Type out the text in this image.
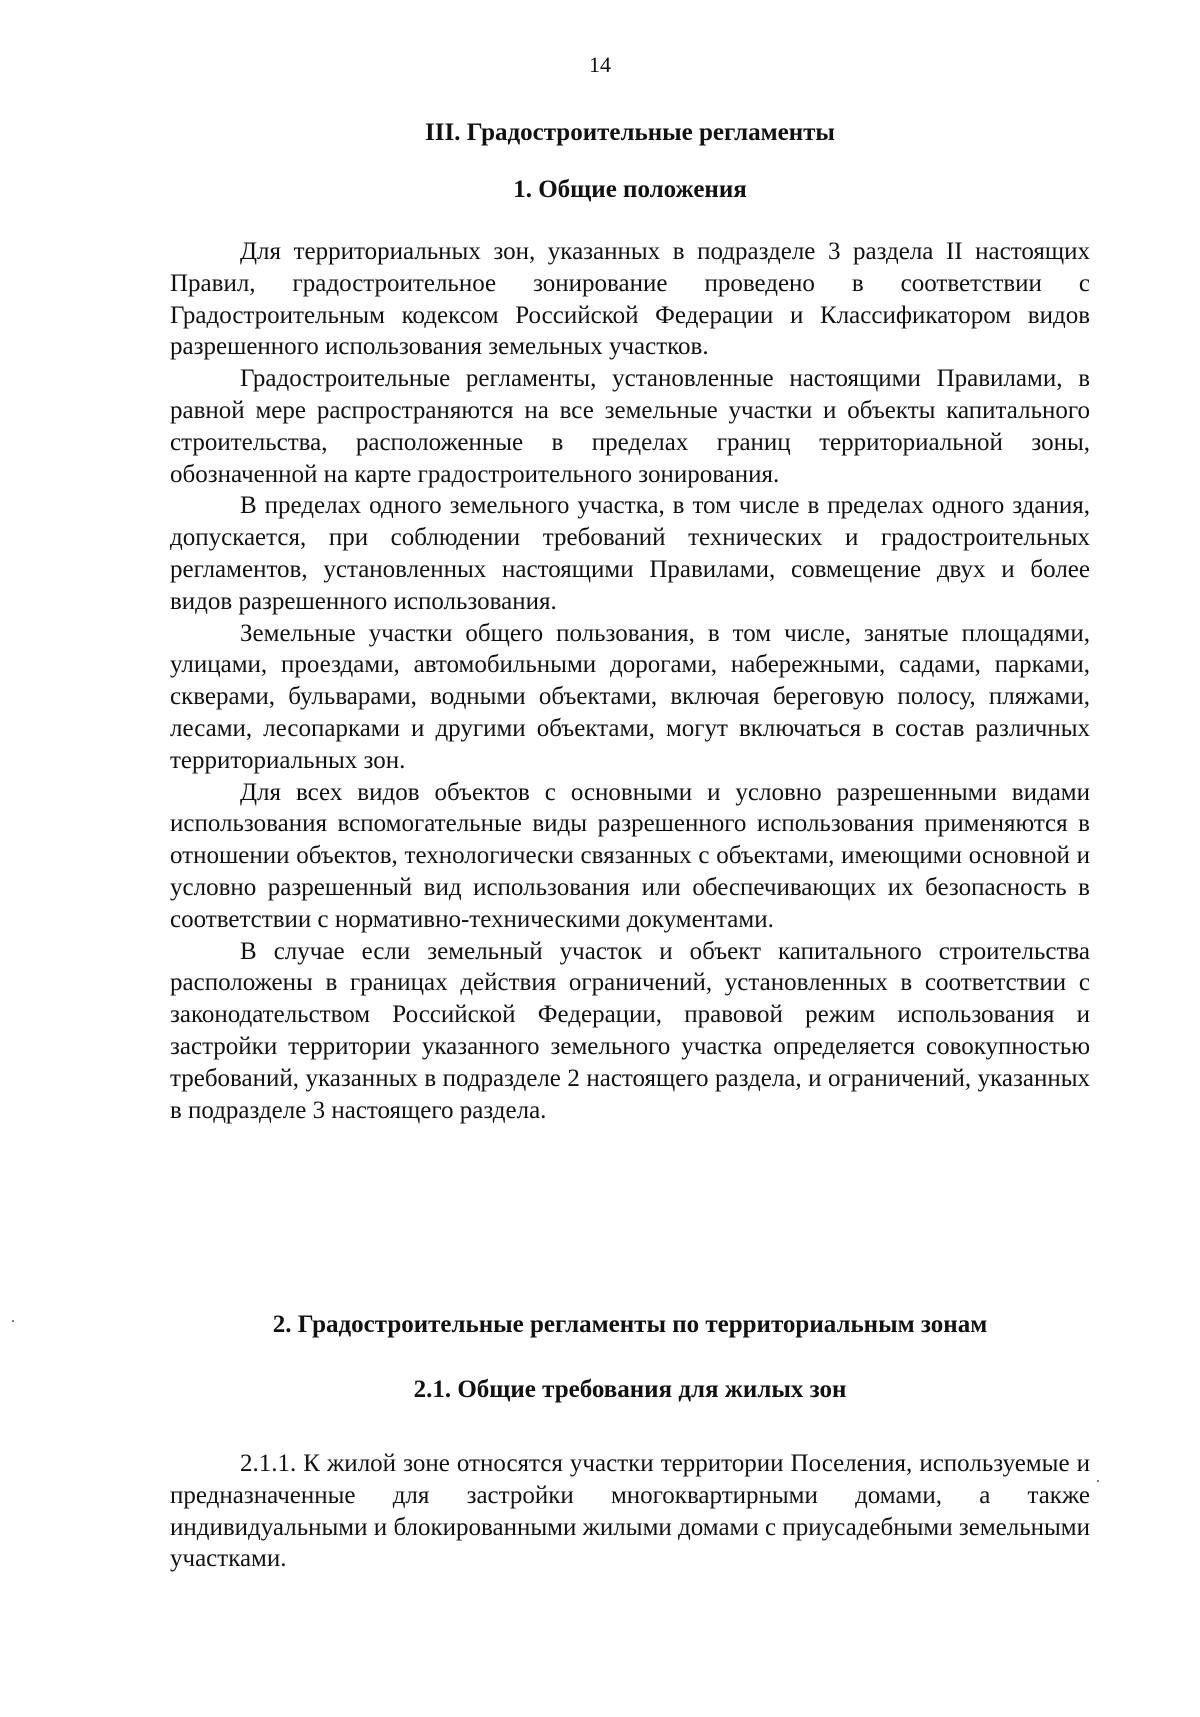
14
III. Градостроительные регламенты
1. Общие положения

Для территориальных зон, указанных в подразделе 3 раздела II настоящих Правил, градостроительное зонирование проведено в соответствии с Градостроительным кодексом Российской Федерации и Классификатором видов разрешенного использования земельных участков.

Градостроительные регламенты, установленные настоящими Правилами, в равной мере распространяются на все земельные участки и объекты капитального строительства, расположенные в пределах границ территориальной зоны, обозначенной на карте градостроительного зонирования.

В пределах одного земельного участка, в том числе в пределах одного здания, допускается, при соблюдении требований технических и градостроительных регламентов, установленных настоящими Правилами, совмещение двух и более видов разрешенного использования.

Земельные участки общего пользования, в том числе, занятые площадями, улицами, проездами, автомобильными дорогами, набережными, садами, парками, скверами, бульварами, водными объектами, включая береговую полосу, пляжами, лесами, лесопарками и другими объектами, могут включаться в состав различных территориальных зон.

Для всех видов объектов с основными и условно разрешенными видами использования вспомогательные виды разрешенного использования применяются в отношении объектов, технологически связанных с объектами, имеющими основной и условно разрешенный вид использования или обеспечивающих их безопасность в соответствии с нормативно-техническими документами.

В случае если земельный участок и объект капитального строительства расположены в границах действия ограничений, установленных в соответствии с законодательством Российской Федерации, правовой режим использования и застройки территории указанного земельного участка определяется совокупностью требований, указанных в подразделе 2 настоящего раздела, и ограничений, указанных в подразделе 3 настоящего раздела.

2. Градостроительные регламенты по территориальным зонам
2.1. Общие требования для жилых зон

2.1.1. К жилой зоне относятся участки территории Поселения, используемые и предназначенные для застройки многоквартирными домами, а также индивидуальными и блокированными жилыми домами с приусадебными земельными участками.
